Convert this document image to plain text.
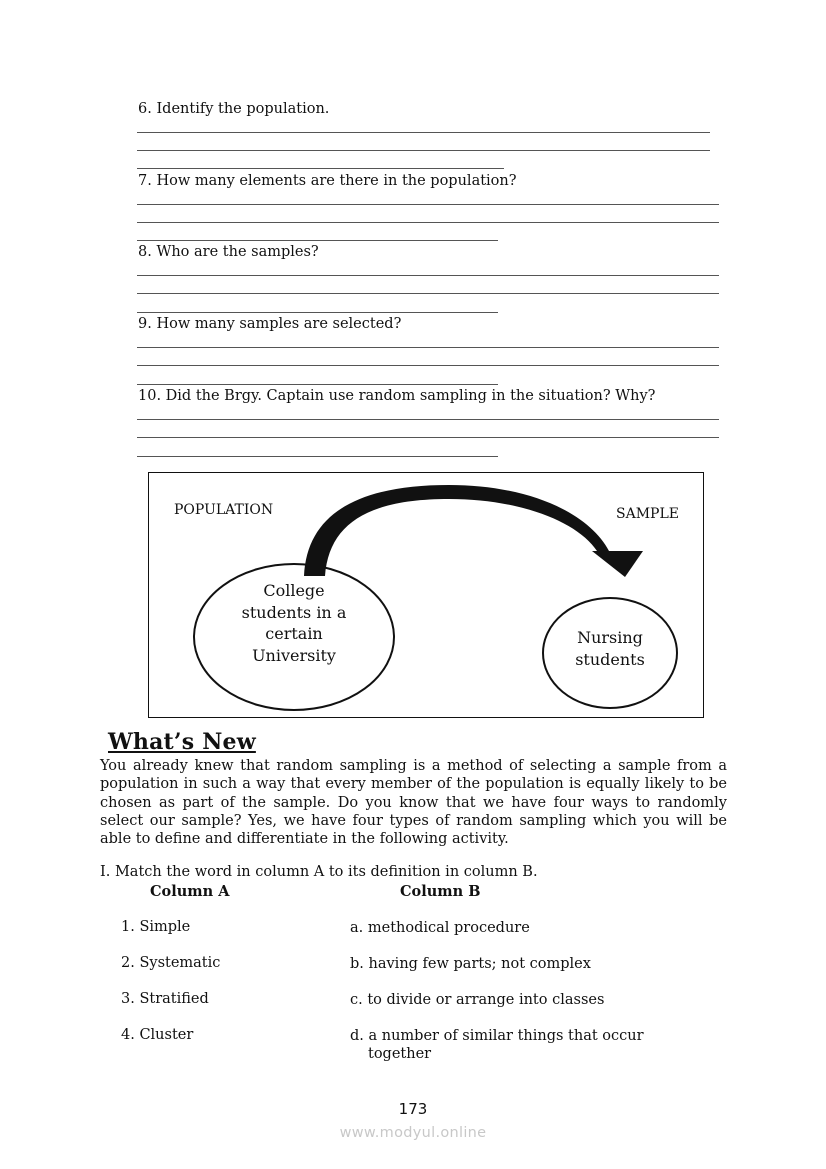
6. Identify the population.
7. How many elements are there in the population?
8. Who are the samples?
9. How many samples are selected?
10. Did the Brgy. Captain use random sampling in the situation? Why?
POPULATION	SAMPLE
College
students in a
certain
University
Nursing
students
What’s New
You already knew that random sampling is a method of selecting a sample from a population in such a way that every member of the population is equally likely to be chosen as part of the sample. Do you know that we have four ways to randomly select our sample? Yes, we have four types of random sampling which you will be able to define and differentiate in the following activity.
I. Match the word in column A to its definition in column B.
Column A	Column B
1. Simple
2. Systematic
3. Stratified
4. Cluster
a. methodical procedure
b. having few parts; not complex
c. to divide or arrange into classes
d. a number of similar things that occur together
173
www.modyul.online
